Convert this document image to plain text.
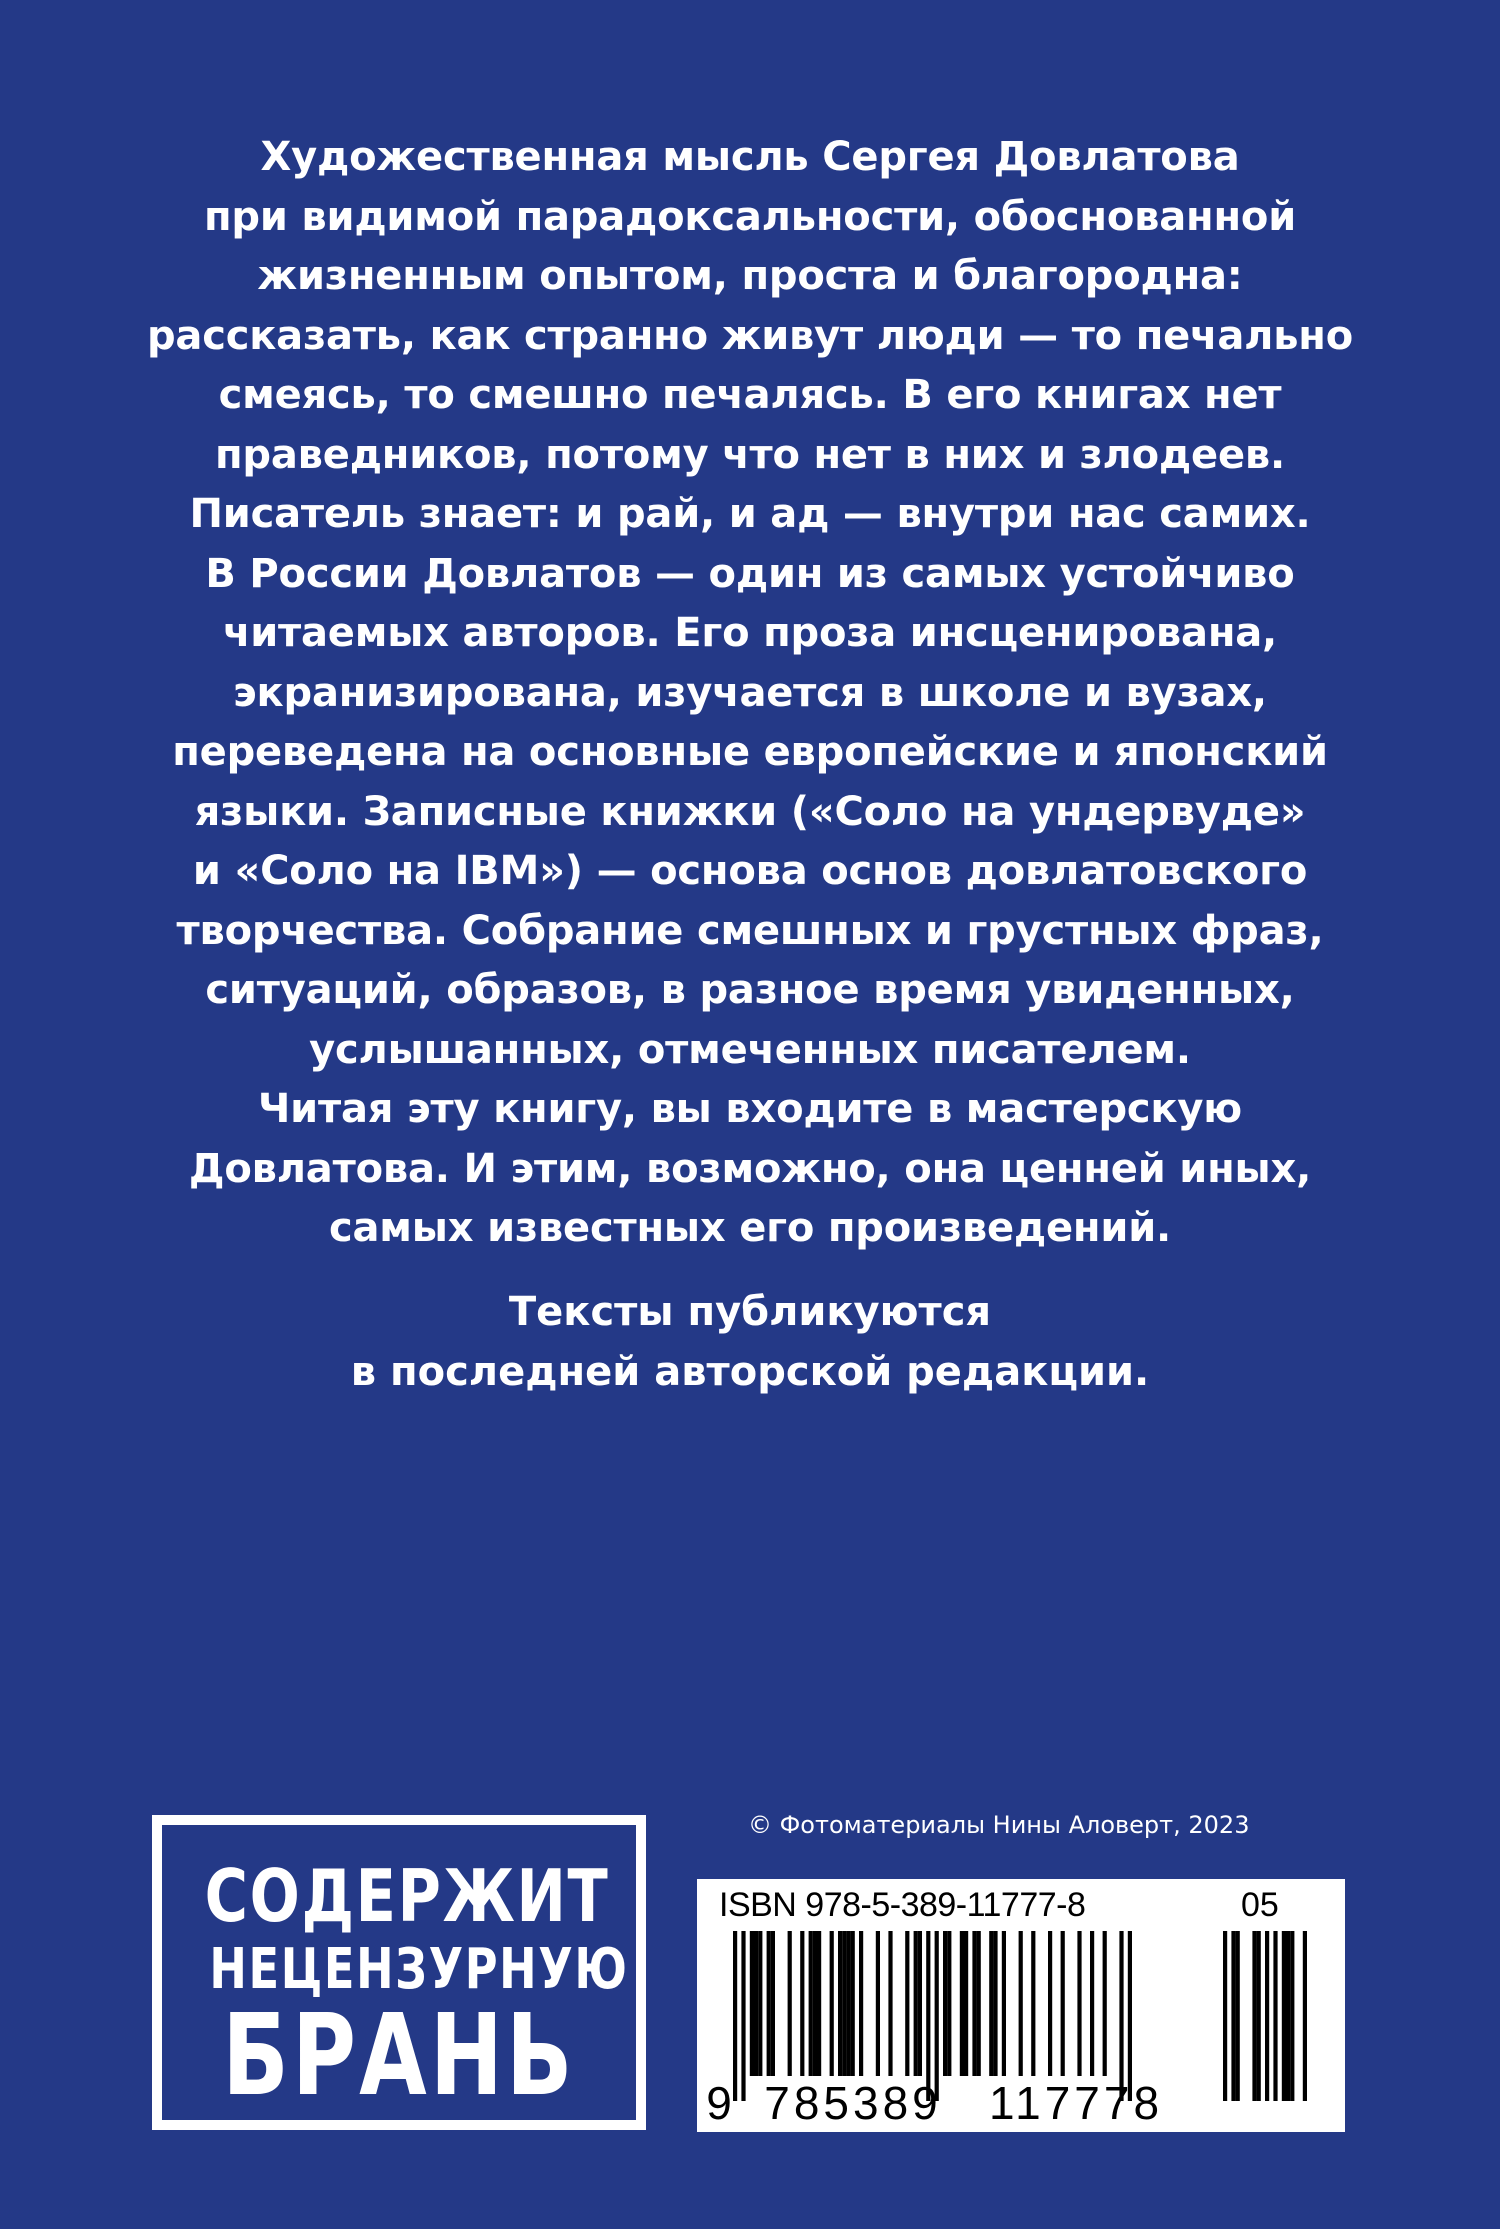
Художественная мысль Сергея Довлатова
при видимой парадоксальности, обоснованной
жизненным опытом, проста и благородна:
рассказать, как странно живут люди — то печально
смеясь, то смешно печалясь. В его книгах нет
праведников, потому что нет в них и злодеев.
Писатель знает: и рай, и ад — внутри нас самих.
В России Довлатов — один из самых устойчиво
читаемых авторов. Его проза инсценирована,
экранизирована, изучается в школе и вузах,
переведена на основные европейские и японский
языки. Записные книжки («Соло на ундервуде»
и «Соло на IBM») — основа основ довлатовского
творчества. Собрание смешных и грустных фраз,
ситуаций, образов, в разное время увиденных,
услышанных, отмеченных писателем.
Читая эту книгу, вы входите в мастерскую
Довлатова. И этим, возможно, она ценней иных,
самых известных его произведений.
Тексты публикуются
в последней авторской редакции.
СОДЕРЖИТ
НЕЦЕНЗУРНУЮ
БРАНЬ
© Фотоматериалы Нины Аловерт, 2023
ISBN 978-5-389-11777-8	05
9 785389 117778
